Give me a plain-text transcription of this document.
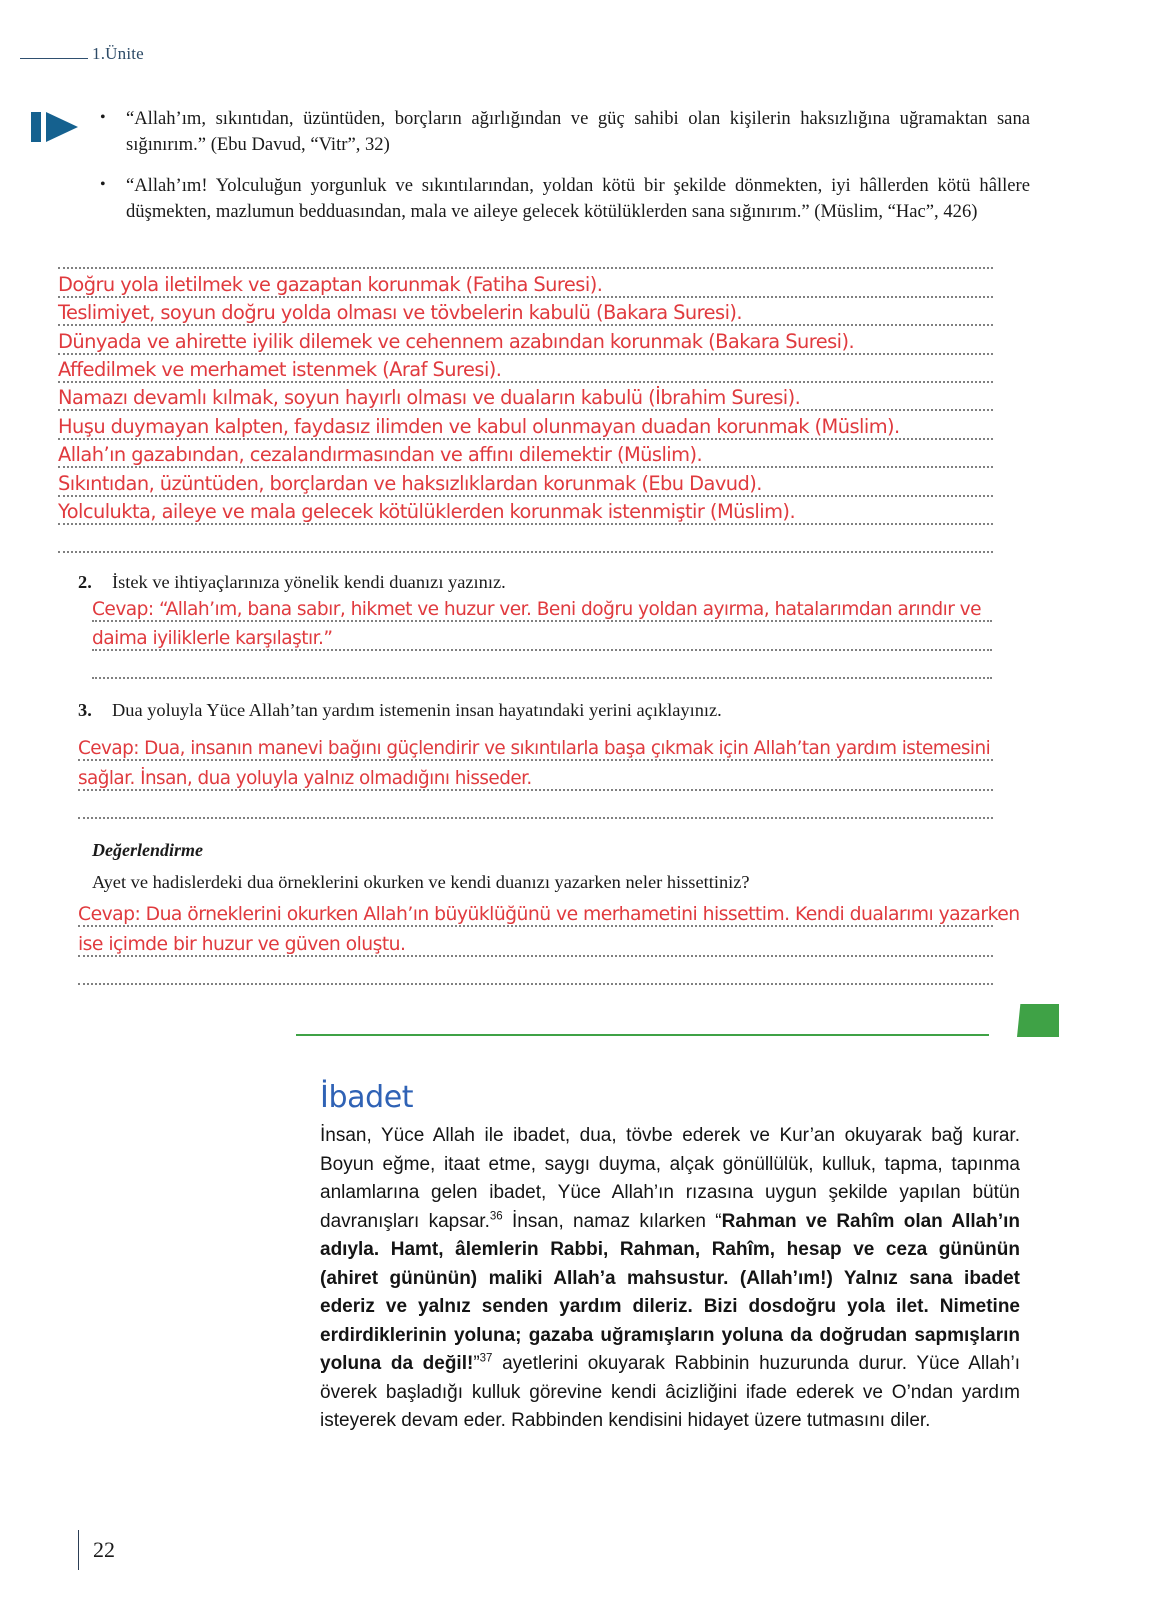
1.Ünite
•	“Allah’ım, sıkıntıdan, üzüntüden, borçların ağırlığından ve güç sahibi olan kişilerin haksızlığına uğramaktan sana sığınırım.” (Ebu Davud, “Vitr”, 32)
•	“Allah’ım! Yolculuğun yorgunluk ve sıkıntılarından, yoldan kötü bir şekilde dönmekten, iyi hâllerden kötü hâllere düşmekten, mazlumun bedduasından, mala ve aileye gelecek kötülüklerden sana sığınırım.” (Müslim, “Hac”, 426)
Doğru yola iletilmek ve gazaptan korunmak (Fatiha Suresi).
Teslimiyet, soyun doğru yolda olması ve tövbelerin kabulü (Bakara Suresi).
Dünyada ve ahirette iyilik dilemek ve cehennem azabından korunmak (Bakara Suresi).
Affedilmek ve merhamet istenmek (Araf Suresi).
Namazı devamlı kılmak, soyun hayırlı olması ve duaların kabulü (İbrahim Suresi).
Huşu duymayan kalpten, faydasız ilimden ve kabul olunmayan duadan korunmak (Müslim).
Allah’ın gazabından, cezalandırmasından ve affını dilemektir (Müslim).
Sıkıntıdan, üzüntüden, borçlardan ve haksızlıklardan korunmak (Ebu Davud).
Yolculukta, aileye ve mala gelecek kötülüklerden korunmak istenmiştir (Müslim).
2. İstek ve ihtiyaçlarınıza yönelik kendi duanızı yazınız.
Cevap: “Allah’ım, bana sabır, hikmet ve huzur ver. Beni doğru yoldan ayırma, hatalarımdan arındır ve
daima iyiliklerle karşılaştır.”
3. Dua yoluyla Yüce Allah’tan yardım istemenin insan hayatındaki yerini açıklayınız.
Cevap: Dua, insanın manevi bağını güçlendirir ve sıkıntılarla başa çıkmak için Allah’tan yardım istemesini
sağlar. İnsan, dua yoluyla yalnız olmadığını hisseder.
Değerlendirme
Ayet ve hadislerdeki dua örneklerini okurken ve kendi duanızı yazarken neler hissettiniz?
Cevap: Dua örneklerini okurken Allah’ın büyüklüğünü ve merhametini hissettim. Kendi dualarımı yazarken
ise içimde bir huzur ve güven oluştu.
İbadet
İnsan, Yüce Allah ile ibadet, dua, tövbe ederek ve Kur’an okuyarak bağ kurar. Boyun eğme, itaat etme, saygı duyma, alçak gönüllülük, kulluk, tapma, tapınma anlamlarına gelen ibadet, Yüce Allah’ın rızasına uygun şekilde yapılan bütün davranışları kapsar.$^{36}$ İnsan, namaz kılarken “Rahman ve Rahîm olan Allah’ın adıyla. Hamt, âlemlerin Rabbi, Rahman, Rahîm, hesap ve ceza gününün (ahiret gününün) maliki Allah’a mahsustur. (Allah’ım!) Yalnız sana ibadet ederiz ve yalnız senden yardım dileriz. Bizi dosdoğru yola ilet. Nimetine erdirdiklerinin yoluna; gazaba uğramışların yoluna da doğrudan sapmışların yoluna da değil!”$^{37}$ ayetlerini okuyarak Rabbinin huzurunda durur. Yüce Allah’ı överek başladığı kulluk görevine kendi âcizliğini ifade ederek ve O’ndan yardım isteyerek devam eder. Rabbinden kendisini hidayet üzere tutmasını diler.
22
